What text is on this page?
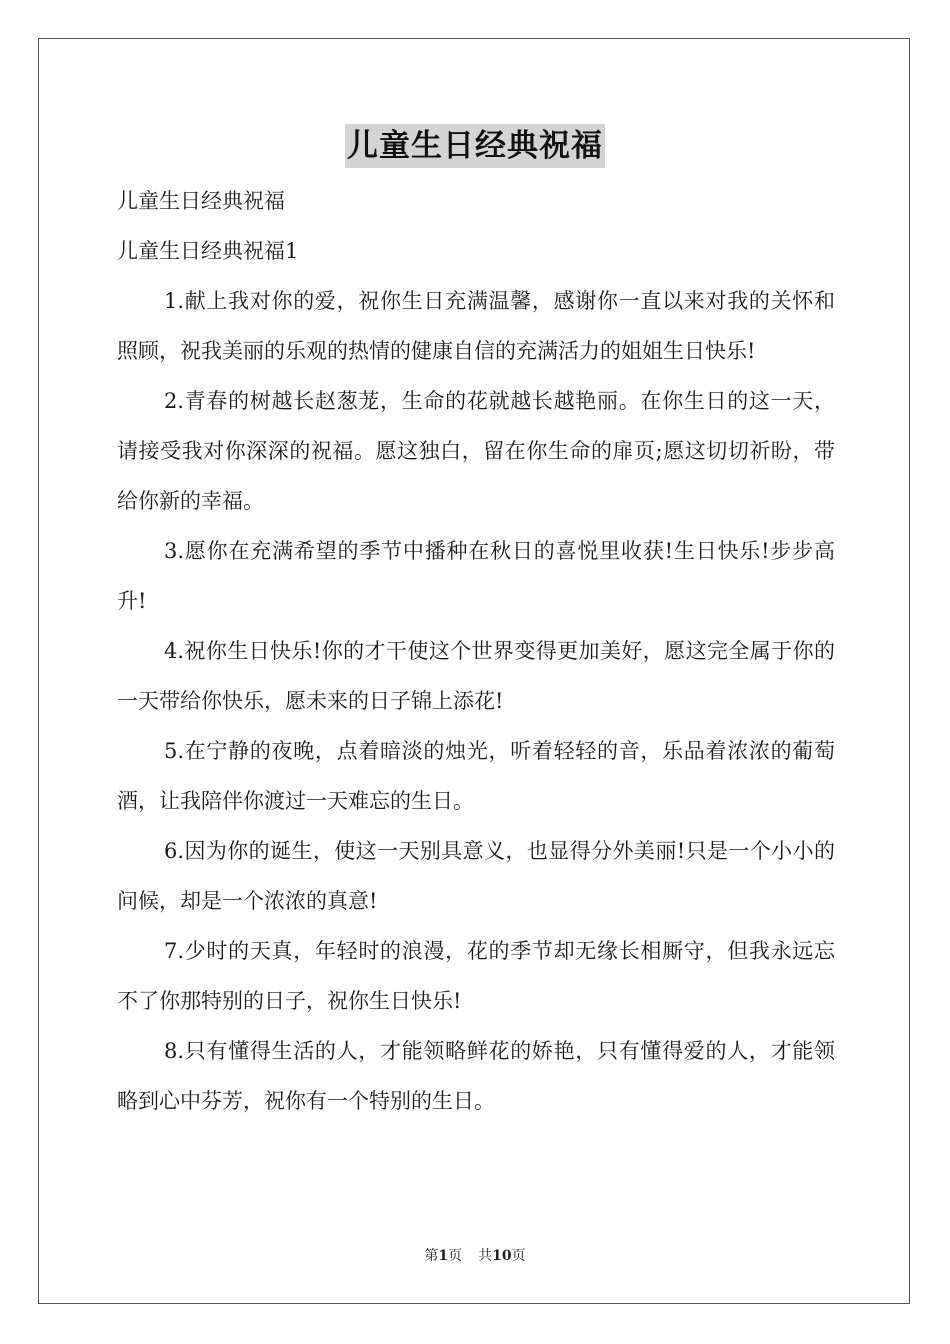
儿童生日经典祝福

儿童生日经典祝福

儿童生日经典祝福1

1.献上我对你的爱，祝你生日充满温馨，感谢你一直以来对我的关怀和照顾，祝我美丽的乐观的热情的健康自信的充满活力的姐姐生日快乐!

2.青春的树越长赵葱茏，生命的花就越长越艳丽。在你生日的这一天，请接受我对你深深的祝福。愿这独白，留在你生命的扉页;愿这切切祈盼，带给你新的幸福。

3.愿你在充满希望的季节中播种在秋日的喜悦里收获!生日快乐!步步高升!

4.祝你生日快乐!你的才干使这个世界变得更加美好，愿这完全属于你的一天带给你快乐，愿未来的日子锦上添花!

5.在宁静的夜晚，点着暗淡的烛光，听着轻轻的音，乐品着浓浓的葡萄酒，让我陪伴你渡过一天难忘的生日。

6.因为你的诞生，使这一天别具意义，也显得分外美丽!只是一个小小的问候，却是一个浓浓的真意!

7.少时的天真，年轻时的浪漫，花的季节却无缘长相厮守，但我永远忘不了你那特别的日子，祝你生日快乐!

8.只有懂得生活的人，才能领略鲜花的娇艳，只有懂得爱的人，才能领略到心中芬芳，祝你有一个特别的生日。

第1页 共10页
